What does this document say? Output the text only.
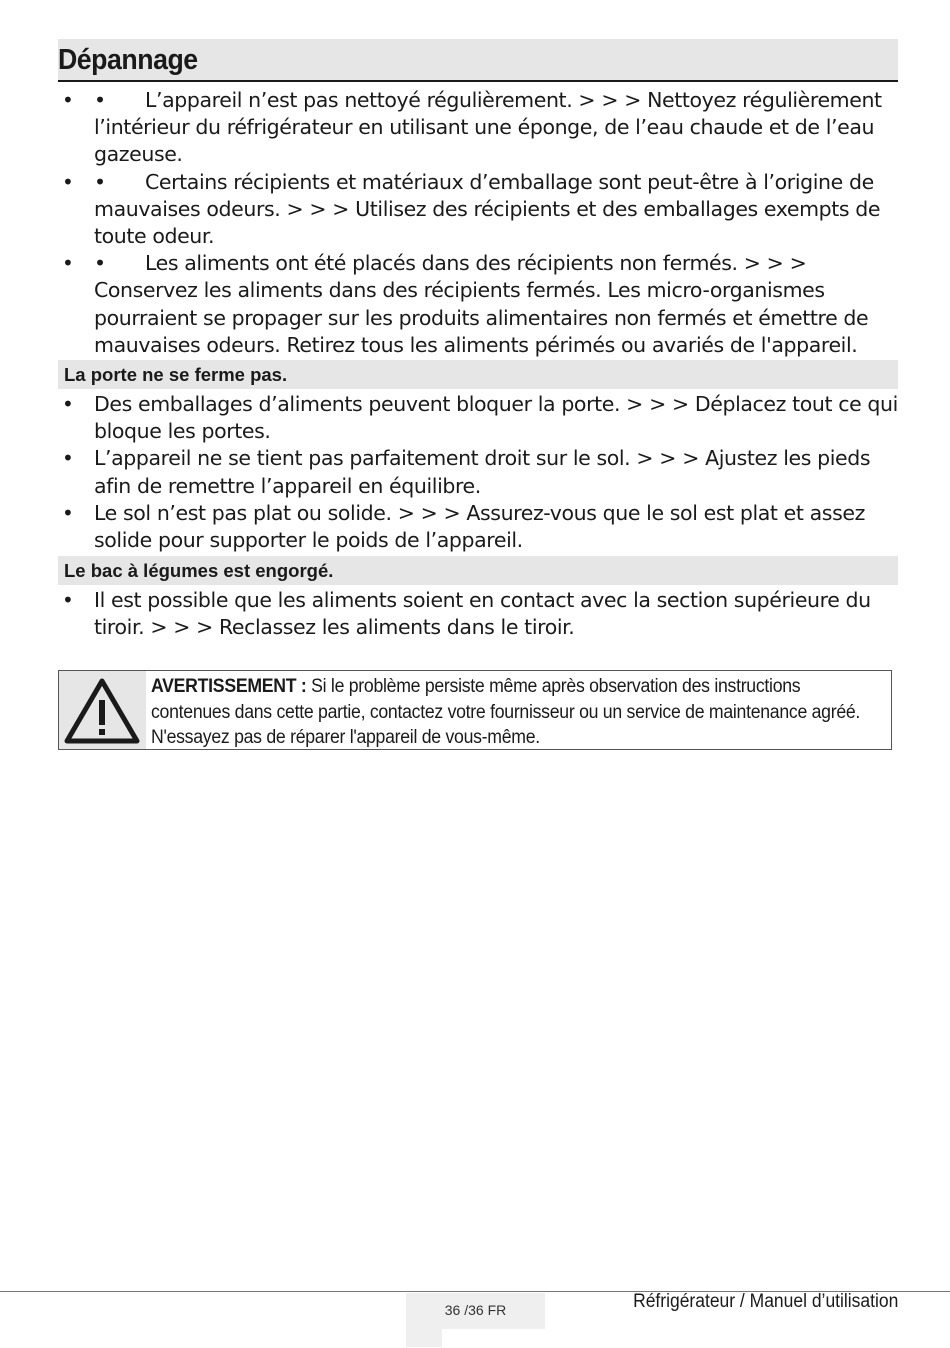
Dépannage
• • L’appareil n’est pas nettoyé régulièrement. > > > Nettoyez régulièrement l’intérieur du réfrigérateur en utilisant une éponge, de l’eau chaude et de l’eau gazeuse.
• • Certains récipients et matériaux d’emballage sont peut-être à l’origine de mauvaises odeurs. > > > Utilisez des récipients et des emballages exempts de toute odeur.
• • Les aliments ont été placés dans des récipients non fermés. > > > Conservez les aliments dans des récipients fermés. Les micro-organismes pourraient se propager sur les produits alimentaires non fermés et émettre de mauvaises odeurs. Retirez tous les aliments périmés ou avariés de l'appareil.
La porte ne se ferme pas.
• Des emballages d’aliments peuvent bloquer la porte. > > > Déplacez tout ce qui bloque les portes.
• L’appareil ne se tient pas parfaitement droit sur le sol. > > > Ajustez les pieds afin de remettre l’appareil en équilibre.
• Le sol n’est pas plat ou solide. > > > Assurez-vous que le sol est plat et assez solide pour supporter le poids de l’appareil.
Le bac à légumes est engorgé.
• Il est possible que les aliments soient en contact avec la section supérieure du tiroir. > > > Reclassez les aliments dans le tiroir.
AVERTISSEMENT : Si le problème persiste même après observation des instructions contenues dans cette partie, contactez votre fournisseur ou un service de maintenance agréé. N'essayez pas de réparer l'appareil de vous-même.
36 /36 FR	Réfrigérateur / Manuel d’utilisation
